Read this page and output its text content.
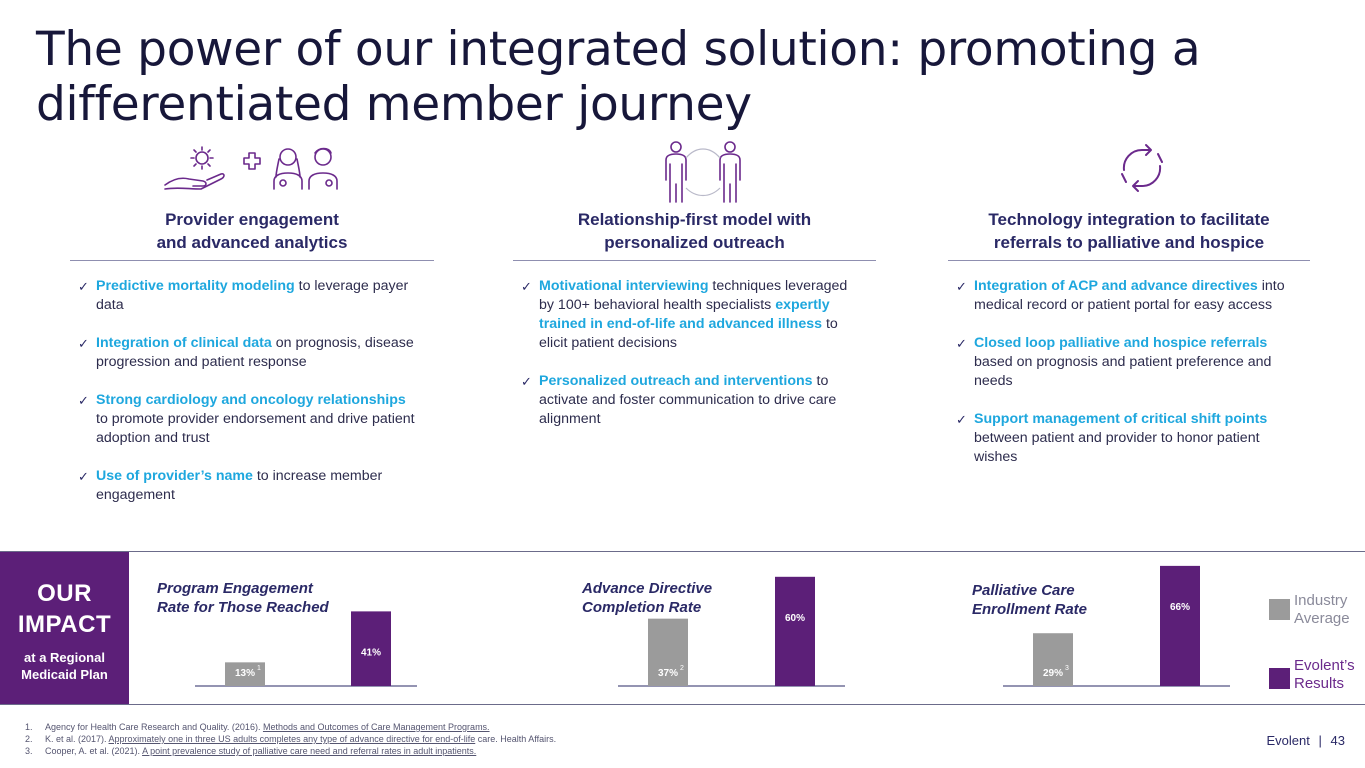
The power of our integrated solution: promoting a differentiated member journey
Provider engagement
and advanced analytics
✓ Predictive mortality modeling to leverage payer data
✓ Integration of clinical data on prognosis, disease progression and patient response
✓ Strong cardiology and oncology relationships to promote provider endorsement and drive patient adoption and trust
✓ Use of provider’s name to increase member engagement
Relationship-first model with
personalized outreach
✓ Motivational interviewing techniques leveraged by 100+ behavioral health specialists expertly trained in end-of-life and advanced illness to elicit patient decisions
✓ Personalized outreach and interventions to activate and foster communication to drive care alignment
Technology integration to facilitate
referrals to palliative and hospice
✓ Integration of ACP and advance directives into medical record or patient portal for easy access
✓ Closed loop palliative and hospice referrals based on prognosis and patient preference and needs
✓ Support management of critical shift points between patient and provider to honor patient wishes
OUR
IMPACT
at a Regional
Medicaid Plan
Program Engagement Rate for Those Reached
13% 1
41%
Advance Directive Completion Rate
37% 2
60%
Palliative Care Enrollment Rate
29% 3
66%	Industry
Average
Evolent’s
Results
1.	Agency for Health Care Research and Quality. (2016). Methods and Outcomes of Care Management Programs.
2.	K. et al. (2017). Approximately one in three US adults completes any type of advance directive for end-of-life care. Health Affairs.
3.	Cooper, A. et al. (2021). A point prevalence study of palliative care need and referral rates in adult inpatients.
Evolent | 43
